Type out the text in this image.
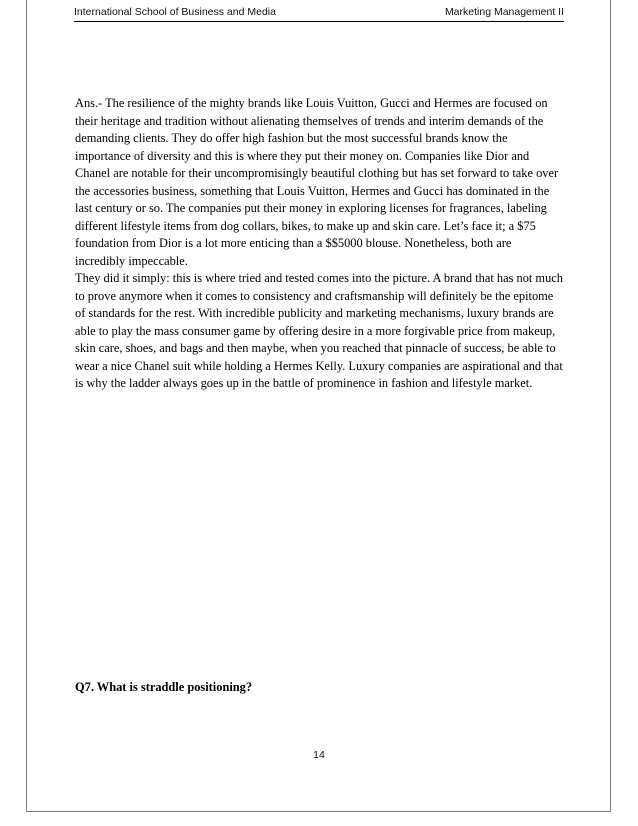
International School of Business and Media	Marketing Management II

Ans.- The resilience of the mighty brands like Louis Vuitton, Gucci and Hermes are focused on their heritage and tradition without alienating themselves of trends and interim demands of the demanding clients. They do offer high fashion but the most successful brands know the importance of diversity and this is where they put their money on. Companies like Dior and Chanel are notable for their uncompromisingly beautiful clothing but has set forward to take over the accessories business, something that Louis Vuitton, Hermes and Gucci has dominated in the last century or so. The companies put their money in exploring licenses for fragrances, labeling different lifestyle items from dog collars, bikes, to make up and skin care. Let’s face it; a $75 foundation from Dior is a lot more enticing than a $$5000 blouse. Nonetheless, both are incredibly impeccable.

They did it simply: this is where tried and tested comes into the picture. A brand that has not much to prove anymore when it comes to consistency and craftsmanship will definitely be the epitome of standards for the rest. With incredible publicity and marketing mechanisms, luxury brands are able to play the mass consumer game by offering desire in a more forgivable price from makeup, skin care, shoes, and bags and then maybe, when you reached that pinnacle of success, be able to wear a nice Chanel suit while holding a Hermes Kelly. Luxury companies are aspirational and that is why the ladder always goes up in the battle of prominence in fashion and lifestyle market.

Q7. What is straddle positioning?
14
